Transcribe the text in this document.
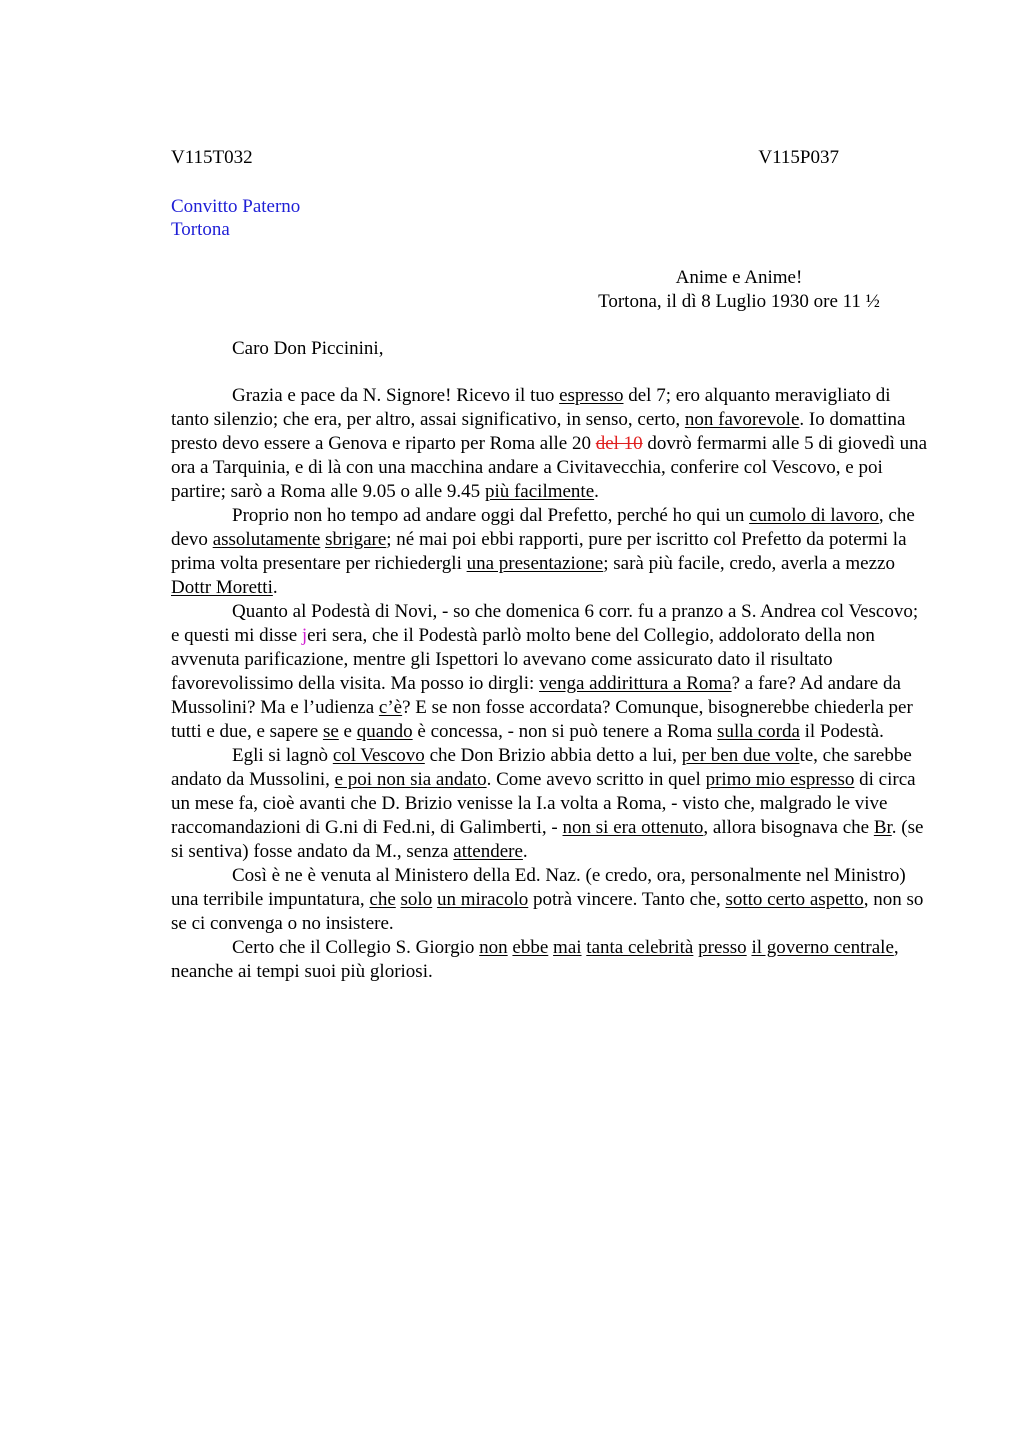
V115T032	V115P037
Convitto Paterno
Tortona
Anime e Anime!
Tortona, il dì 8 Luglio 1930 ore 11 ½
Caro Don Piccinini,

Grazia e pace da N. Signore! Ricevo il tuo espresso del 7; ero alquanto meravigliato di tanto silenzio; che era, per altro, assai significativo, in senso, certo, non favorevole. Io domattina presto devo essere a Genova e riparto per Roma alle 20 del 10 dovrò fermarmi alle 5 di giovedì una ora a Tarquinia, e di là con una macchina andare a Civitavecchia, conferire col Vescovo, e poi partire; sarò a Roma alle 9.05 o alle 9.45 più facilmente.

Proprio non ho tempo ad andare oggi dal Prefetto, perché ho qui un cumolo di lavoro, che devo assolutamente sbrigare; né mai poi ebbi rapporti, pure per iscritto col Prefetto da potermi la prima volta presentare per richiedergli una presentazione; sarà più facile, credo, averla a mezzo Dottr Moretti.

Quanto al Podestà di Novi, - so che domenica 6 corr. fu a pranzo a S. Andrea col Vescovo; e questi mi disse jeri sera, che il Podestà parlò molto bene del Collegio, addolorato della non avvenuta parificazione, mentre gli Ispettori lo avevano come assicurato dato il risultato favorevolissimo della visita. Ma posso io dirgli: venga addirittura a Roma? a fare? Ad andare da Mussolini? Ma e l’udienza c’è? E se non fosse accordata? Comunque, bisognerebbe chiederla per tutti e due, e sapere se e quando è concessa, - non si può tenere a Roma sulla corda il Podestà.

Egli si lagnò col Vescovo che Don Brizio abbia detto a lui, per ben due volte, che sarebbe andato da Mussolini, e poi non sia andato. Come avevo scritto in quel primo mio espresso di circa un mese fa, cioè avanti che D. Brizio venisse la I.a volta a Roma, - visto che, malgrado le vive raccomandazioni di G.ni di Fed.ni, di Galimberti, - non si era ottenuto, allora bisognava che Br. (se si sentiva) fosse andato da M., senza attendere.

Così è ne è venuta al Ministero della Ed. Naz. (e credo, ora, personalmente nel Ministro) una terribile impuntatura, che solo un miracolo potrà vincere. Tanto che, sotto certo aspetto, non so se ci convenga o no insistere.

Certo che il Collegio S. Giorgio non ebbe mai tanta celebrità presso il governo centrale, neanche ai tempi suoi più gloriosi.
